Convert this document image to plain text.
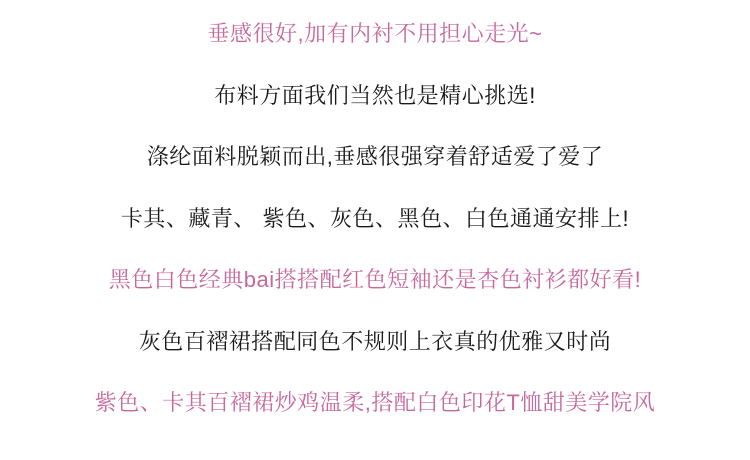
垂感很好,加有内衬不用担心走光~

布料方面我们当然也是精心挑选!

涤纶面料脱颖而出,垂感很强穿着舒适爱了爱了

卡其、藏青、 紫色、灰色、黑色、白色通通安排上!

黑色白色经典bai搭搭配红色短袖还是杏色衬衫都好看!

灰色百褶裙搭配同色不规则上衣真的优雅又时尚

紫色、卡其百褶裙炒鸡温柔,搭配白色印花T恤甜美学院风
